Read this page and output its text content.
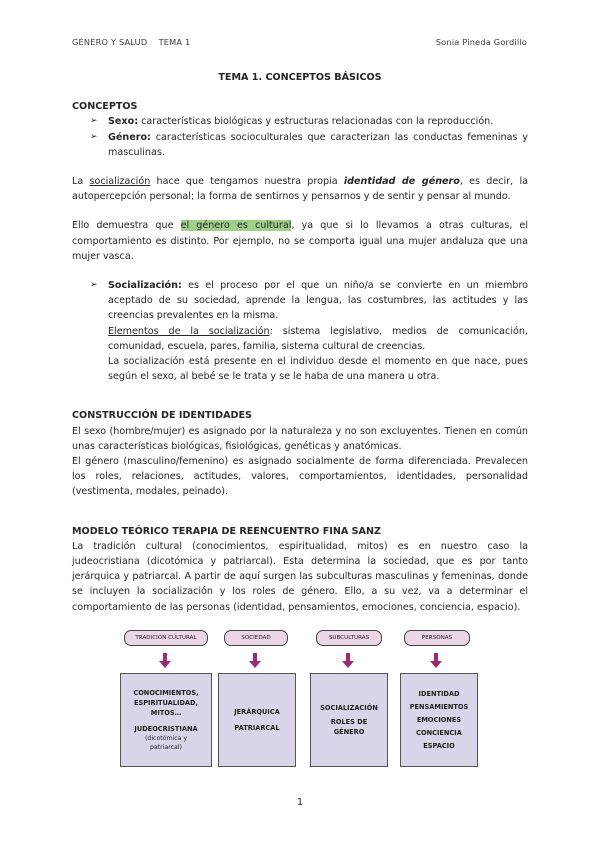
GÉNERO Y SALUD    TEMA 1	Sonia Pineda Gordillo
TEMA 1. CONCEPTOS BÁSICOS
CONCEPTOS
➢ Sexo: características biológicas y estructuras relacionadas con la reproducción.
➢ Género: características socioculturales que caracterizan las conductas femeninas y masculinas.

La socialización hace que tengamos nuestra propia identidad de género, es decir, la autopercepción personal; la forma de sentirnos y pensarnos y de sentir y pensar al mundo.

Ello demuestra que el género es cultural, ya que si lo llevamos a otras culturas, el comportamiento es distinto. Por ejemplo, no se comporta igual una mujer andaluza que una mujer vasca.

➢ Socialización: es el proceso por el que un niño/a se convierte en un miembro aceptado de su sociedad, aprende la lengua, las costumbres, las actitudes y las creencias prevalentes en la misma.

Elementos de la socialización: sistema legislativo, medios de comunicación, comunidad, escuela, pares, familia, sistema cultural de creencias.

La socialización está presente en el individuo desde el momento en que nace, pues según el sexo, al bebé se le trata y se le haba de una manera u otra.

CONSTRUCCIÓN DE IDENTIDADES

El sexo (hombre/mujer) es asignado por la naturaleza y no son excluyentes. Tienen en común unas características biológicas, fisiológicas, genéticas y anatómicas.

El género (masculino/femenino) es asignado socialmente de forma diferenciada. Prevalecen los roles, relaciones, actitudes, valores, comportamientos, identidades, personalidad (vestimenta, modales, peinado).

MODELO TEÓRICO TERAPIA DE REENCUENTRO FINA SANZ

La tradición cultural (conocimientos, espiritualidad, mitos) es en nuestro caso la judeocristiana (dicotómica y patriarcal). Esta determina la sociedad, que es por tanto jerárquica y patriarcal. A partir de aquí surgen las subculturas masculinas y femeninas, donde se incluyen la socialización y los roles de género. Ello, a su vez, va a determinar el comportamiento de las personas (identidad, pensamientos, emociones, conciencia, espacio).

TRADICIÓN CULTURAL	SOCIEDAD	SUBCULTURAS	PERSONAS
CONOCIMIENTOS,
ESPIRITUALIDAD,
MITOS…
JUDEOCRISTIANA
(dicotómica y
patriarcal)
JERÁRQUICA
PATRIARCAL
SOCIALIZACIÓN
ROLES DE
GÉNERO
IDENTIDAD
PENSAMIENTOS
EMOCIONES
CONCIENCIA
ESPACIO
1
